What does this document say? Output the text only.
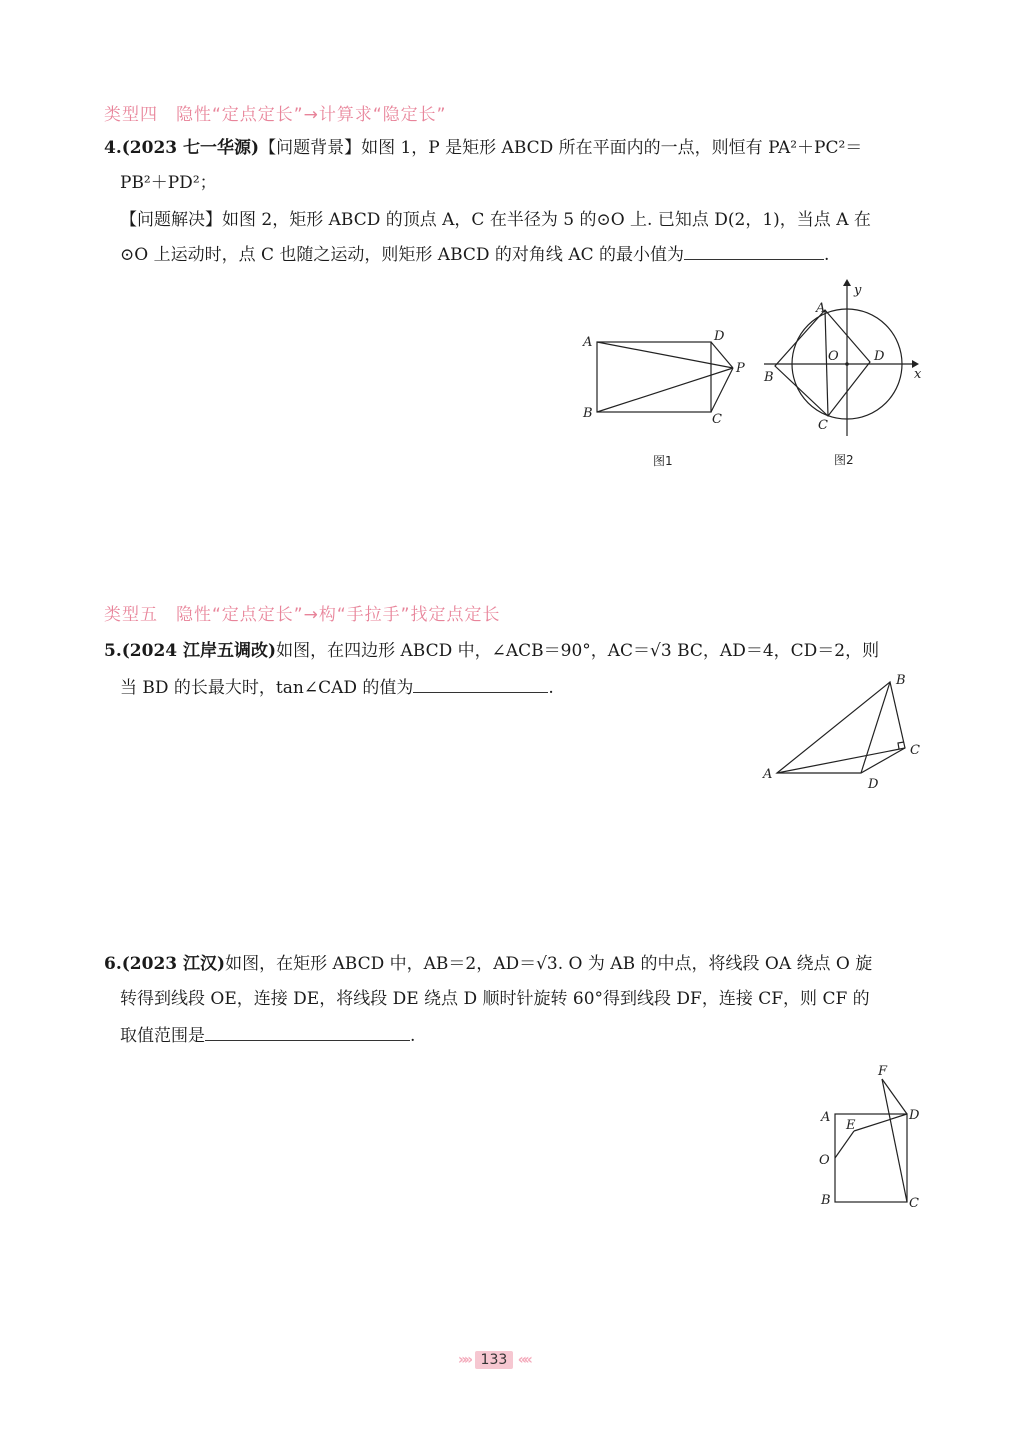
类型四　隐性“定点定长”→计算求“隐定长”
4.(2023 七一华源)【问题背景】如图 1，P 是矩形 ABCD 所在平面内的一点，则恒有 PA²＋PC²＝
PB²＋PD²；
【问题解决】如图 2，矩形 ABCD 的顶点 A，C 在半径为 5 的⊙O 上. 已知点 D(2，1)，当点 A 在
⊙O 上运动时，点 C 也随之运动，则矩形 ABCD 的对角线 AC 的最小值为	.
A
B	C
D
P
图1
A
B
C
D
O
x
y
图2
类型五　隐性“定点定长”→构“手拉手”找定点定长
5.(2024 江岸五调改)如图，在四边形 ABCD 中，∠ACB＝90°，AC＝√3 BC，AD＝4，CD＝2，则
当 BD 的长最大时，tan∠CAD 的值为	.
A
B
C
D
6.(2023 江汉)如图，在矩形 ABCD 中，AB＝2，AD＝√3. O 为 AB 的中点，将线段 OA 绕点 O 旋
转得到线段 OE，连接 DE，将线段 DE 绕点 D 顺时针旋转 60°得到线段 DF，连接 CF，则 CF 的
取值范围是	.
A
B	C
D
E
F
O
»» 133 ««
